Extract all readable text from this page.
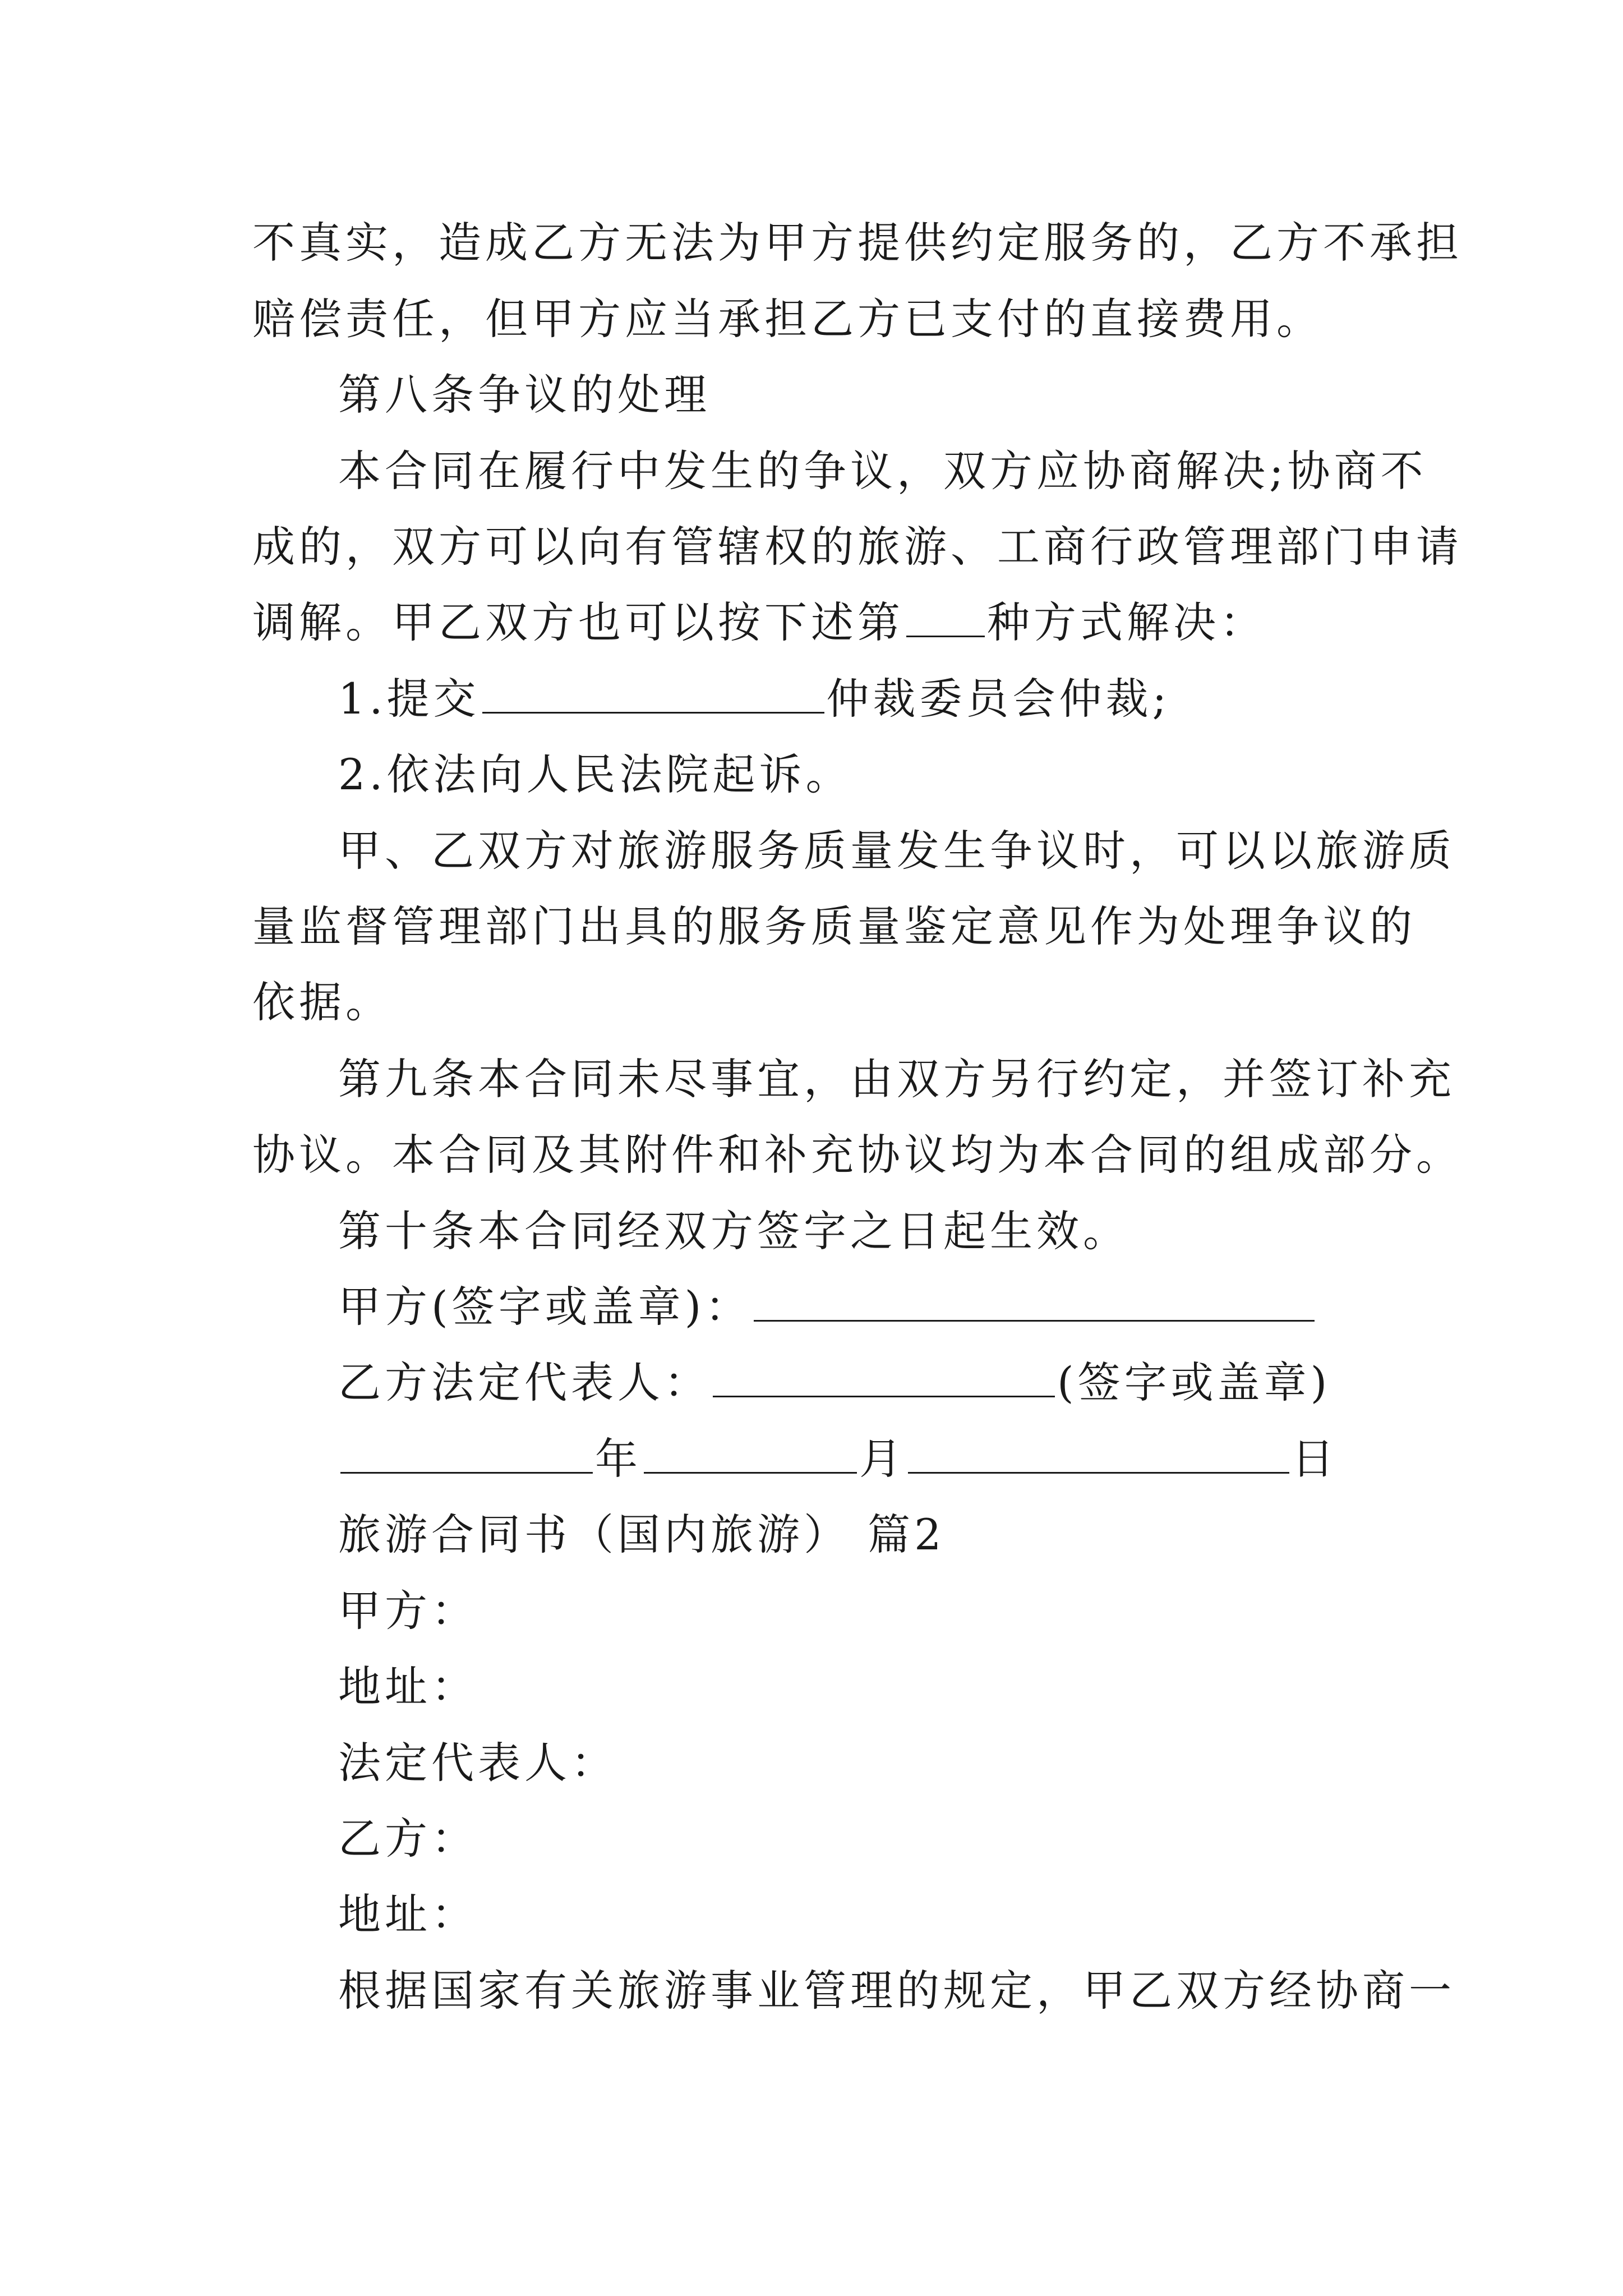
不真实，造成乙方无法为甲方提供约定服务的，乙方不承担
赔偿责任，但甲方应当承担乙方已支付的直接费用。
第八条争议的处理
本合同在履行中发生的争议，双方应协商解决;协商不
成的，双方可以向有管辖权的旅游、工商行政管理部门申请
调解。甲乙双方也可以按下述第 种方式解决：
1.提交	仲裁委员会仲裁;
2.依法向人民法院起诉。
甲、乙双方对旅游服务质量发生争议时，可以以旅游质
量监督管理部门出具的服务质量鉴定意见作为处理争议的
依据。
第九条本合同未尽事宜，由双方另行约定，并签订补充
协议。本合同及其附件和补充协议均为本合同的组成部分。
第十条本合同经双方签字之日起生效。
甲方(签字或盖章)：
乙方法定代表人：	(签字或盖章)
年	月	日
旅游合同书（国内旅游） 篇2
甲方：
地址：
法定代表人：
乙方：
地址：
根据国家有关旅游事业管理的规定，甲乙双方经协商一
